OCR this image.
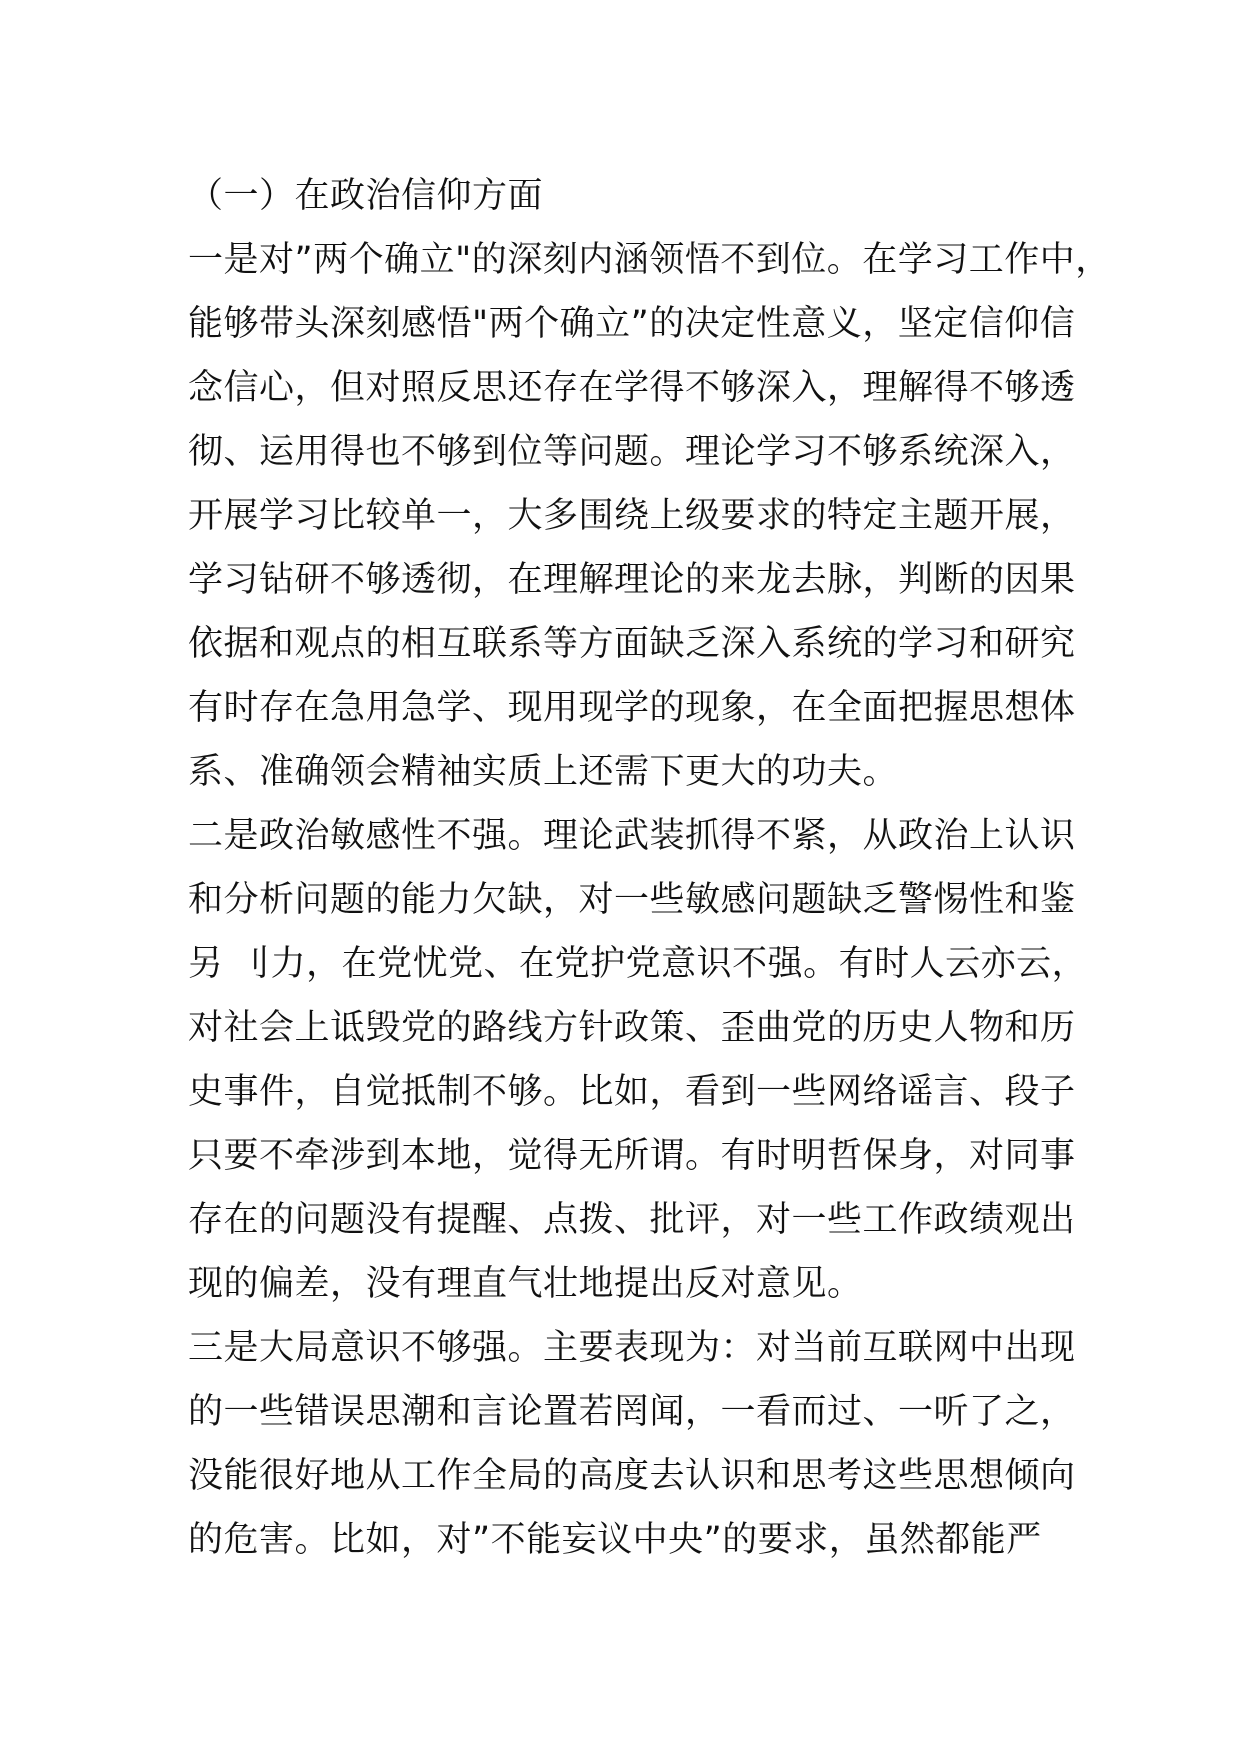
（一）在政治信仰方面
一是对”两个确立"的深刻内涵领悟不到位。在学习工作中，
能够带头深刻感悟"两个确立”的决定性意义，坚定信仰信
念信心，但对照反思还存在学得不够深入，理解得不够透
彻、运用得也不够到位等问题。理论学习不够系统深入，
开展学习比较单一，大多围绕上级要求的特定主题开展，
学习钻研不够透彻，在理解理论的来龙去脉，判断的因果
依据和观点的相互联系等方面缺乏深入系统的学习和研究
有时存在急用急学、现用现学的现象，在全面把握思想体
系、准确领会精袖实质上还需下更大的功夫。
二是政治敏感性不强。理论武装抓得不紧，从政治上认识
和分析问题的能力欠缺，对一些敏感问题缺乏警惕性和鉴
另 刂力，在党忧党、在党护党意识不强。有时人云亦云，
对社会上诋毁党的路线方针政策、歪曲党的历史人物和历
史事件，自觉抵制不够。比如，看到一些网络谣言、段子
只要不牵涉到本地，觉得无所谓。有时明哲保身，对同事
存在的问题没有提醒、点拨、批评，对一些工作政绩观出
现的偏差，没有理直气壮地提出反对意见。
三是大局意识不够强。主要表现为：对当前互联网中出现
的一些错误思潮和言论置若罔闻，一看而过、一听了之，
没能很好地从工作全局的高度去认识和思考这些思想倾向
的危害。比如，对”不能妄议中央”的要求，虽然都能严
